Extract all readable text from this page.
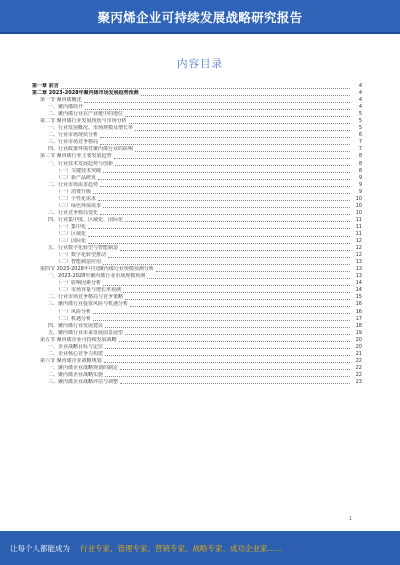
聚丙烯企业可持续发展战略研究报告
内容目录
第一章 前言	4
第二章 2023-2028年聚丙烯市场发展趋势预测	4
第一节 聚丙烯概述	4
一、聚丙烯简介	4
二、聚丙烯行业在产业链中的地位	5
第二节 聚丙烯行业发展现状与市场分析	5
一、行业发展概况、市场规模及增长率	5
二、行业市场现状分析	6
三、行业市场竞争格局	7
四、行业政策环境对聚丙烯行业的影响	7
第三节 聚丙烯行业主要发展趋势	8
一、行业技术发展趋势与创新	8
（一）关键技术突破	8
（二）新产品研发	9
二、行业市场需求趋势	9
（一）消费升级	9
（二）个性化需求	10
（三）绿色环保需求	10
三、行业竞争格局变化	10
四、行业集中度、区域化、国际化	11
（一）集中化	11
（二）区域化	11
（三）国际化	12
五、行业数字化转型与智能制造	12
（一）数字化转型推动	12
（二）智能制造应用	13
第四节 2023-2028年中国聚丙烯行业规模预测分析	13
一、2023-2028年聚丙烯行业市场规模预测	13
（一）影响因素分析	14
（二）市场容量与增长率预测	14
二、行业市场竞争格局与竞争策略	15
三、聚丙烯行业投资风险与机遇分析	16
（一）风险分析	16
（二）机遇分析	17
四、聚丙烯行业发展建议	18
五、聚丙烯行业未来发展前景展望	19
第五节 聚丙烯企业可持续发展战略	20
一、企业战略目标与定位	20
二、企业核心竞争力构建	21
第六节 聚丙烯企业战略规划	22
一、聚丙烯企业战略规划的制定	22
二、聚丙烯企业战略实施	22
三、聚丙烯企业战略评估与调整	23
1
让每个人都能成为 行业专家、管理专家、营销专家、战略专家、成功企业家……
